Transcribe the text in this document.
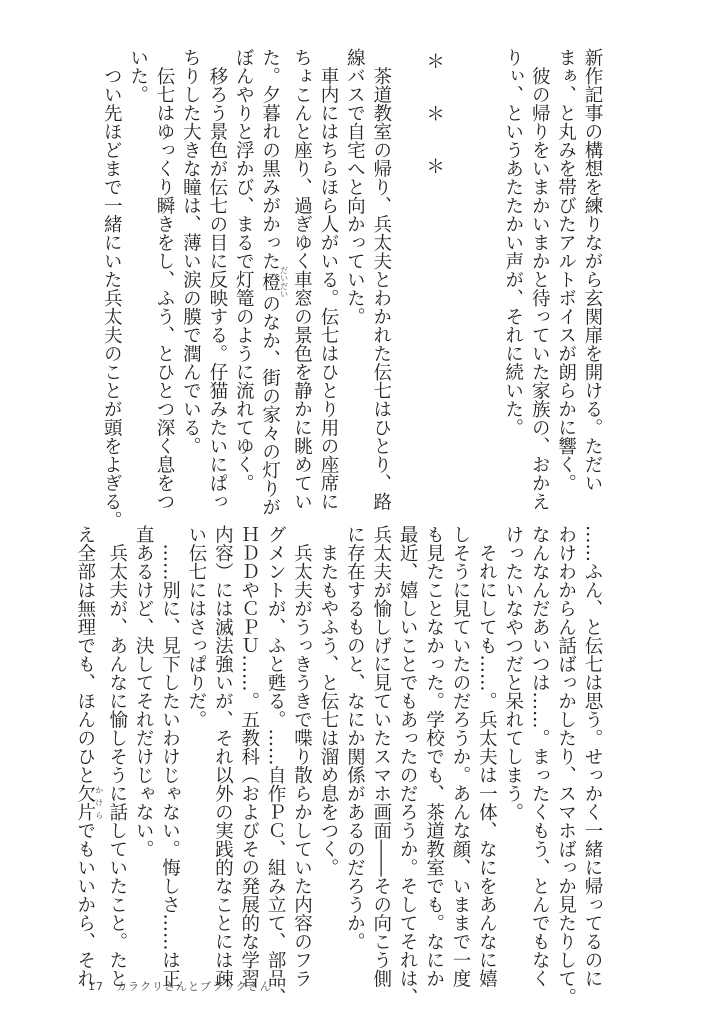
新作記事の構想を練りながら玄関扉を開ける。ただい
まぁ、と丸みを帯びたアルトボイスが朗らかに響く。
　彼の帰りをいまかいまかと待っていた家族の、おかえ
りぃ、というあたたかい声が、それに続いた。

＊＊＊

　茶道教室の帰り、兵太夫とわかれた伝七はひとり、路
線バスで自宅へと向かっていた。
　車内にはちらほら人がいる。伝七はひとり用の座席に
ちょこんと座り、過ぎゆく車窓の景色を静かに眺めてい
た。夕暮れの黒みがかった橙 だいだいのなか、街の家々の灯りが
ぼんやりと浮かび、まるで灯篭のように流れてゆく。
　移ろう景色が伝七の目に反映する。仔猫みたいにぱっ
ちりした大きな瞳は、薄い涙の膜で潤んでいる。
　伝七はゆっくり瞬きをし、ふう、とひとつ深く息をつ
いた。
　つい先ほどまで一緒にいた兵太夫のことが頭をよぎる。
……ふん、と伝七は思う。せっかく一緒に帰ってるのに
わけわからん話ばっかしたり、スマホばっか見たりして。
なんなんだあいつは……。まったくもう、とんでもなく
けったいなやつだと呆れてしまう。
　それにしても……。兵太夫は一体、なにをあんなに嬉
しそうに見ていたのだろうか。あんな顔、いままで一度
も見たことなかった。学校でも、茶道教室でも。なにか
最近、嬉しいことでもあったのだろうか。そしてそれは、
兵太夫が愉しげに見ていたスマホ画面――その向こう側
に存在するものと、なにか関係があるのだろうか。
　またもやふう、と伝七は溜め息をつく。
　兵太夫がうっきうきで喋り散らかしていた内容のフラ
グメントが、ふと甦る。……自作ＰＣ、組み立て、部品、
ＨＤＤやＣＰＵ……。五教科（およびその発展的な学習
内容）には滅法強いが、それ以外の実践的なことには疎
い伝七にはさっぱりだ。
　……別に、見下したいわけじゃない。悔しさ……は正
直あるけど、決してそれだけじゃない。
　兵太夫が、あんなに愉しそうに話していたこと。たと
え全部は無理でも、ほんのひと欠片 かけらでもいいから、それ
17　 カラクリさんとブラックさん
